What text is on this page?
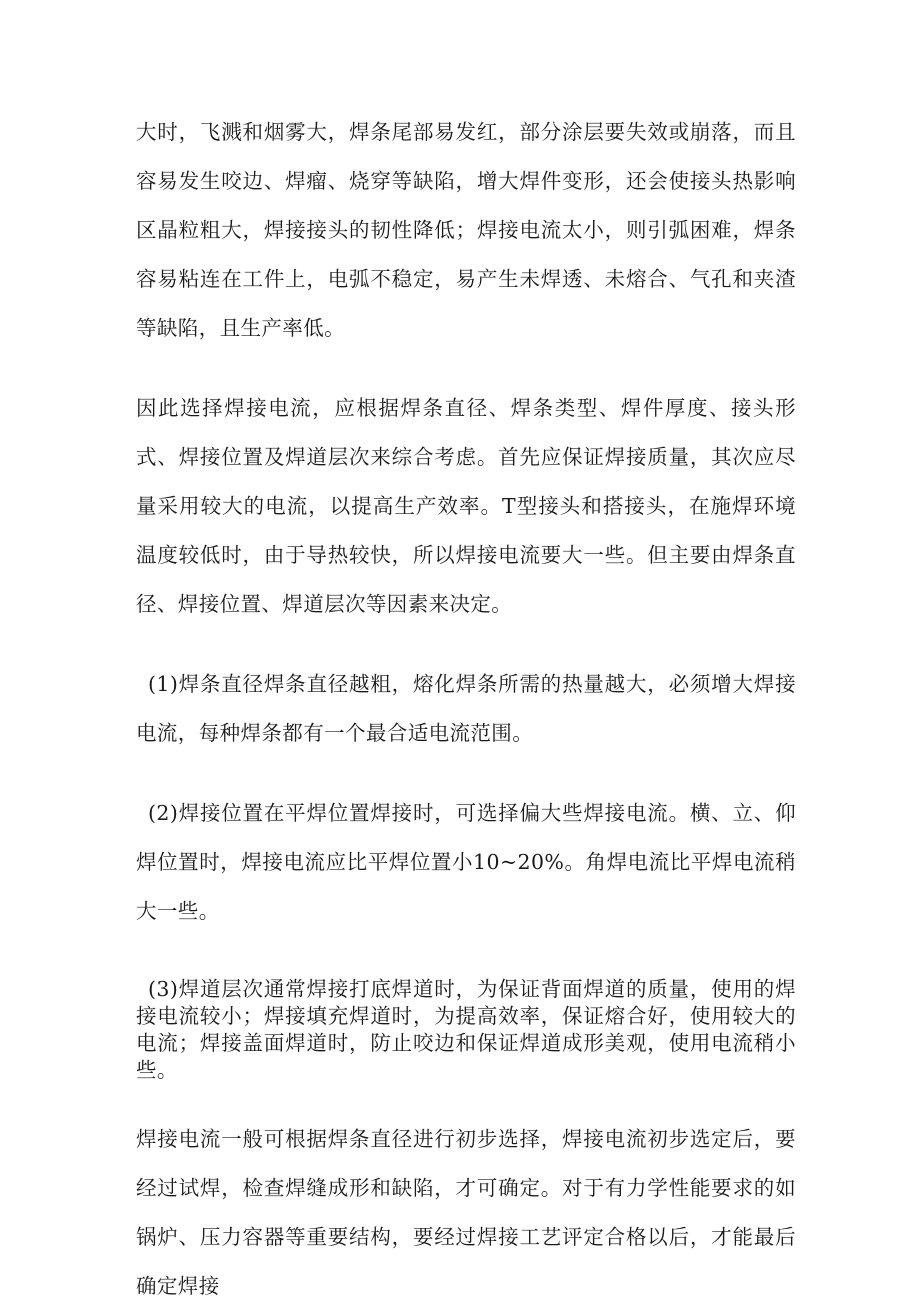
大时，飞溅和烟雾大，焊条尾部易发红，部分涂层要失效或崩落，而且容易发生咬边、焊瘤、烧穿等缺陷，增大焊件变形，还会使接头热影响区晶粒粗大，焊接接头的韧性降低；焊接电流太小，则引弧困难，焊条容易粘连在工件上，电弧不稳定，易产生未焊透、未熔合、气孔和夹渣等缺陷，且生产率低。

因此选择焊接电流，应根据焊条直径、焊条类型、焊件厚度、接头形式、焊接位置及焊道层次来综合考虑。首先应保证焊接质量，其次应尽量采用较大的电流，以提高生产效率。T型接头和搭接头，在施焊环境温度较低时，由于导热较快，所以焊接电流要大一些。但主要由焊条直径、焊接位置、焊道层次等因素来决定。

(1)焊条直径焊条直径越粗，熔化焊条所需的热量越大，必须增大焊接电流，每种焊条都有一个最合适电流范围。

(2)焊接位置在平焊位置焊接时，可选择偏大些焊接电流。横、立、仰焊位置时，焊接电流应比平焊位置小10~20%。角焊电流比平焊电流稍大一些。

(3)焊道层次通常焊接打底焊道时，为保证背面焊道的质量，使用的焊接电流较小；焊接填充焊道时，为提高效率，保证熔合好，使用较大的电流；焊接盖面焊道时，防止咬边和保证焊道成形美观，使用电流稍小些。

焊接电流一般可根据焊条直径进行初步选择，焊接电流初步选定后，要经过试焊，检查焊缝成形和缺陷，才可确定。对于有力学性能要求的如锅炉、压力容器等重要结构，要经过焊接工艺评定合格以后，才能最后确定焊接
